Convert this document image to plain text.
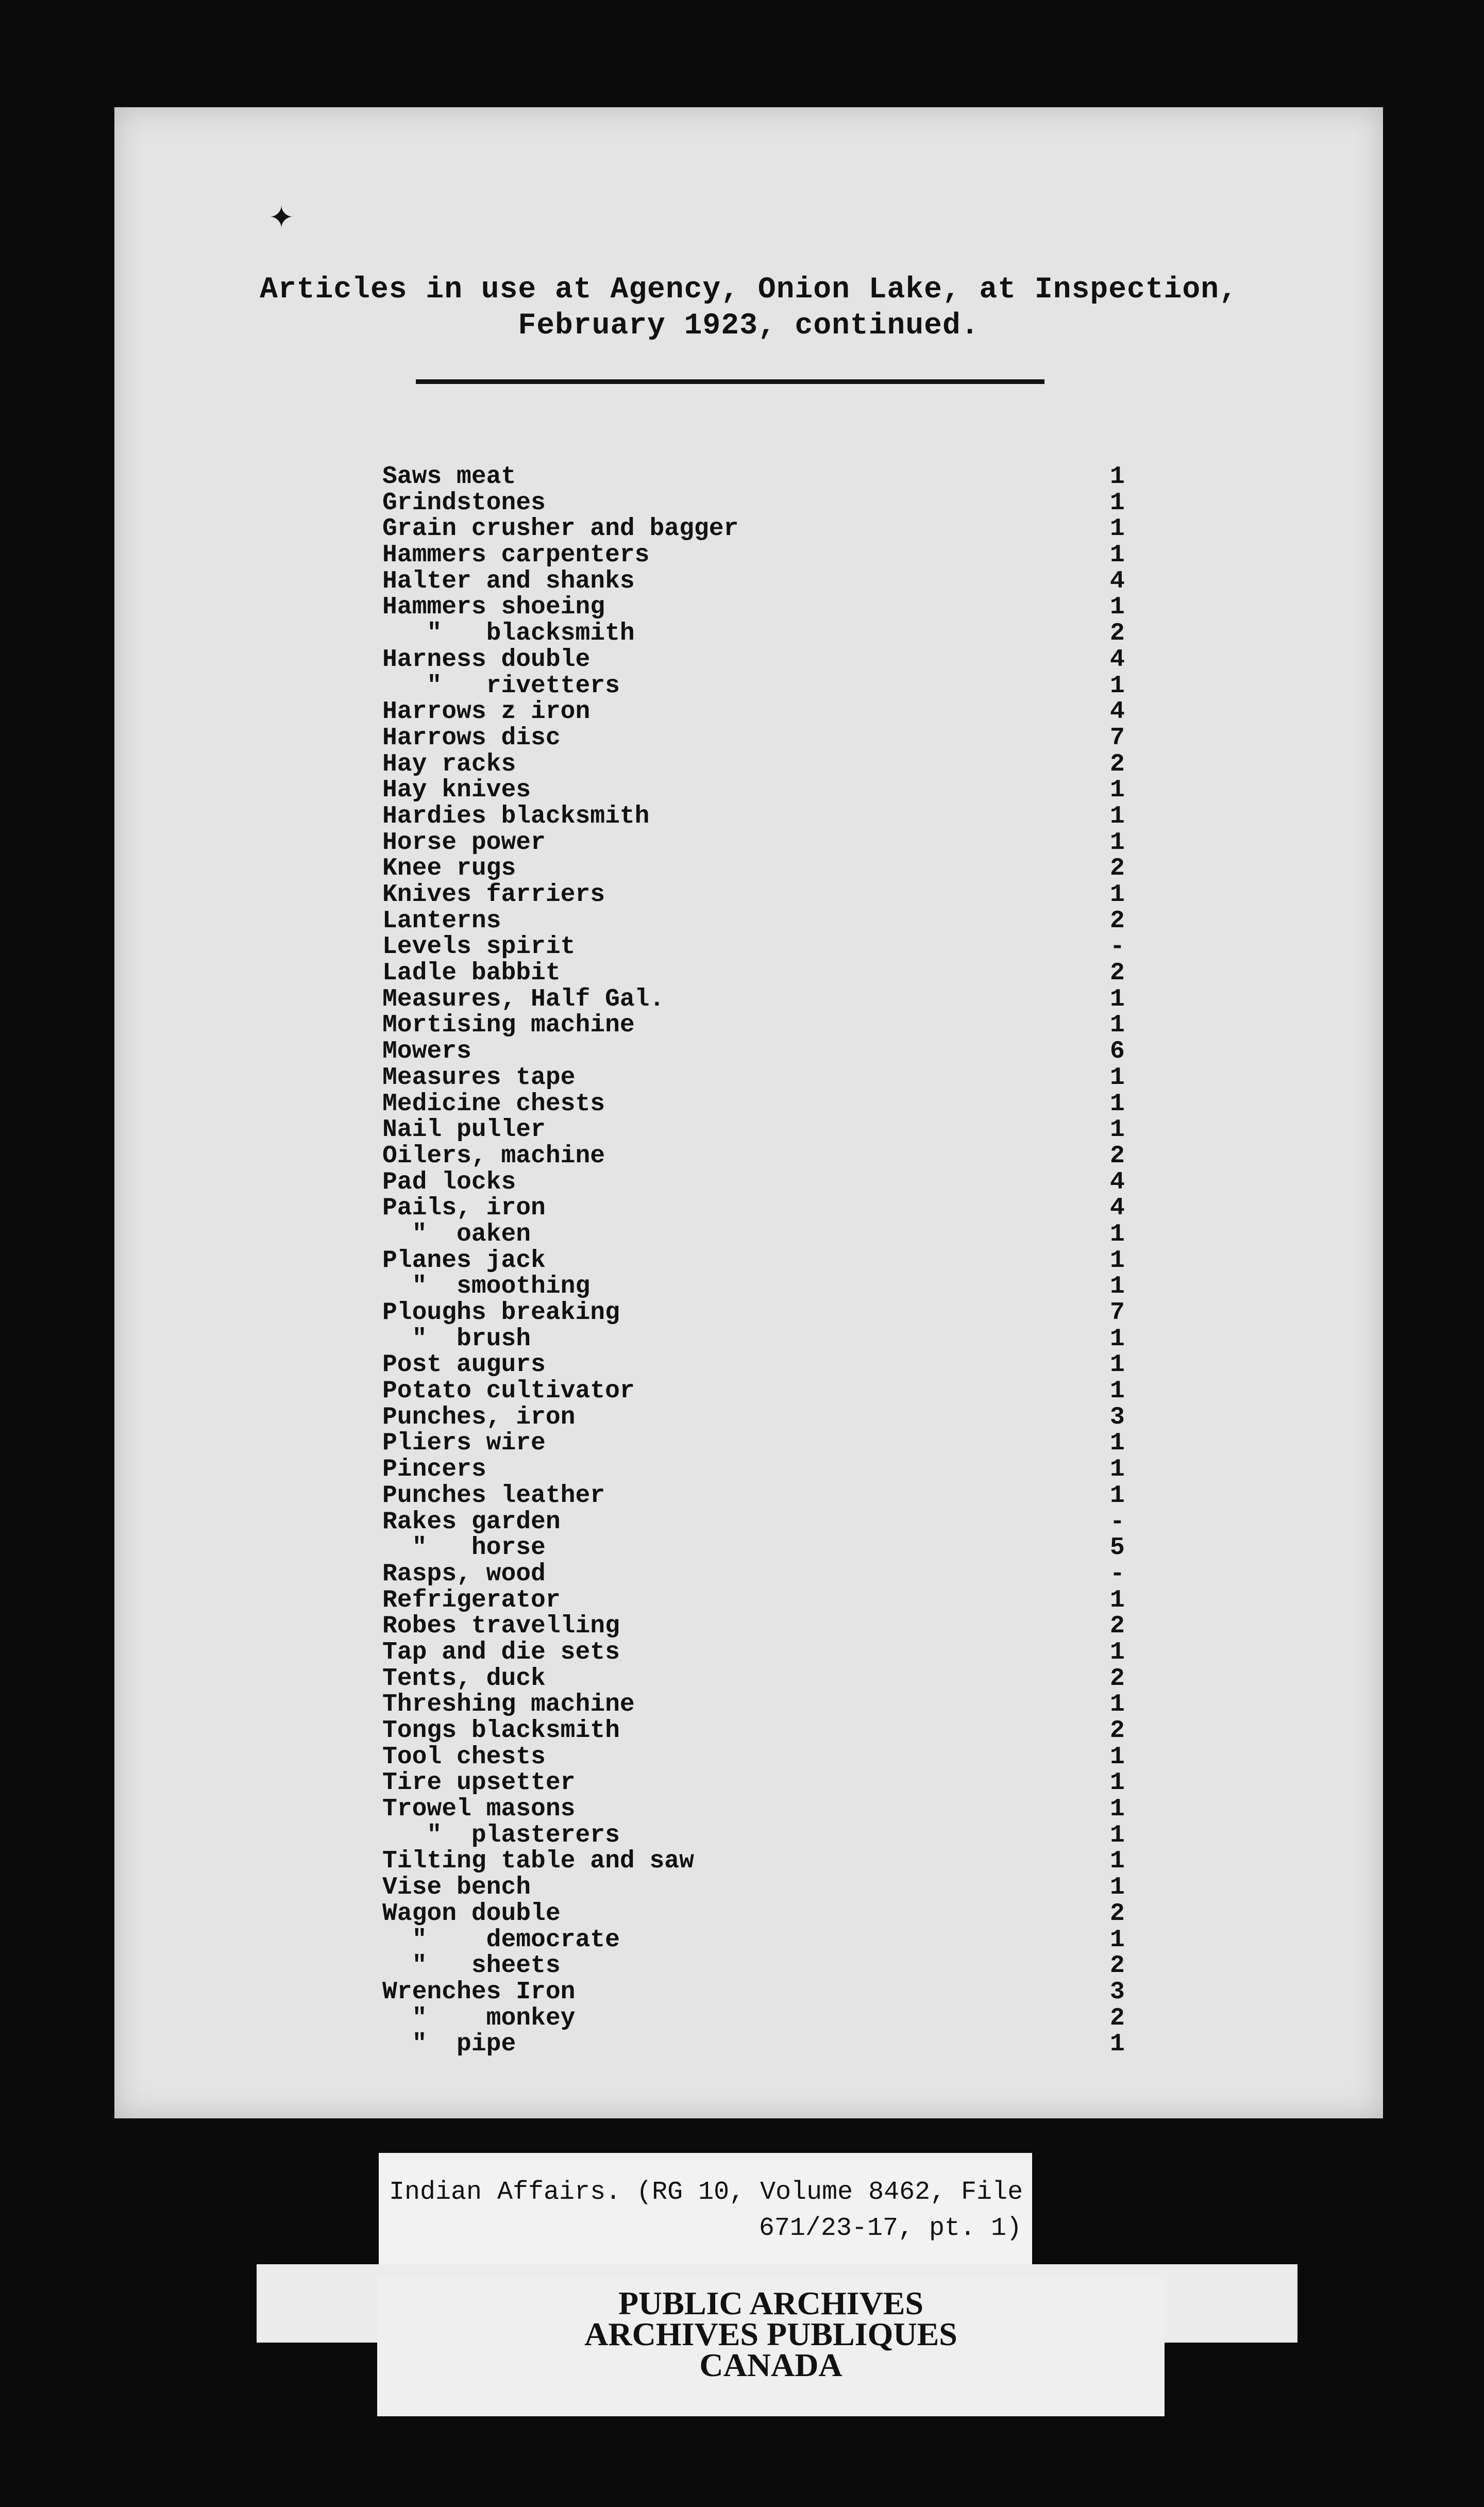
✦
Articles in use at Agency, Onion Lake, at Inspection,
February 1923, continued.
Saws meat	1
Grindstones	1
Grain crusher and bagger	1
Hammers carpenters	1
Halter and shanks	4
Hammers shoeing	1
"   blacksmith	2
Harness double	4
"   rivetters	1
Harrows z iron	4
Harrows disc	7
Hay racks	2
Hay knives	1
Hardies blacksmith	1
Horse power	1
Knee rugs	2
Knives farriers	1
Lanterns	2
Levels spirit	-
Ladle babbit	2
Measures, Half Gal.	1
Mortising machine	1
Mowers	6
Measures tape	1
Medicine chests	1
Nail puller	1
Oilers, machine	2
Pad locks	4
Pails, iron	4
"  oaken	1
Planes jack	1
"  smoothing	1
Ploughs breaking	7
"  brush	1
Post augurs	1
Potato cultivator	1
Punches, iron	3
Pliers wire	1
Pincers	1
Punches leather	1
Rakes garden	-
"   horse	5
Rasps, wood	-
Refrigerator	1
Robes travelling	2
Tap and die sets	1
Tents, duck	2
Threshing machine	1
Tongs blacksmith	2
Tool chests	1
Tire upsetter	1
Trowel masons	1
"  plasterers	1
Tilting table and saw	1
Vise bench	1
Wagon double	2
"    democrate	1
"   sheets	2
Wrenches Iron	3
"    monkey	2
"  pipe	1
Indian Affairs. (RG 10, Volume 8462, File
671/23-17, pt. 1)
PUBLIC ARCHIVES
ARCHIVES PUBLIQUES
CANADA
